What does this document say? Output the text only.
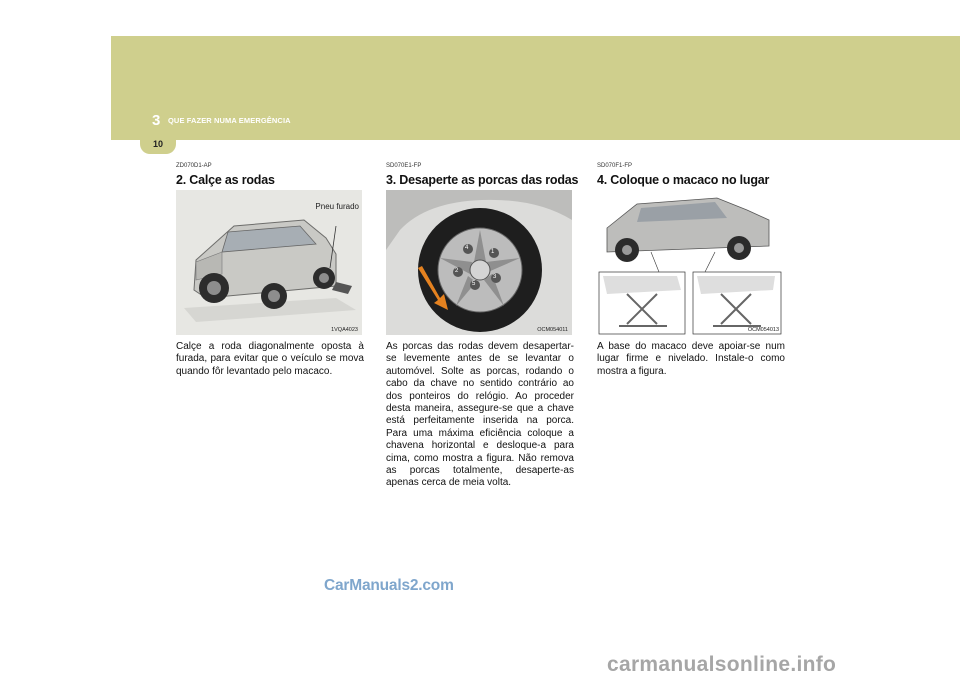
3 QUE FAZER NUMA EMERGÊNCIA
10
ZD070D1-AP
2. Calçe as rodas
Pneu furado
1VQA4023
Calçe a roda diagonalmente oposta à furada, para evitar que o veículo se mova quando fôr levantado pelo macaco.
SD070E1-FP
3. Desaperte as porcas das rodas
4
1
2
3
5
OCM054011
As porcas das rodas devem desapertar-se levemente antes de se levantar o automóvel. Solte as porcas, rodando o cabo da chave no sentido contrário ao dos ponteiros do relógio. Ao proceder desta maneira, assegure-se que a chave está perfeitamente inserida na porca. Para uma máxima eficiência coloque a chavena horizontal e desloque-a para cima, como mostra a figura. Não remova as porcas totalmente, desaperte-as apenas cerca de meia volta.
SD070F1-FP
4. Coloque o macaco no lugar
OCM054013
A base do macaco deve apoiar-se num lugar firme e nivelado. Instale-o como mostra a figura.
CarManuals2.com
carmanualsonline.info
